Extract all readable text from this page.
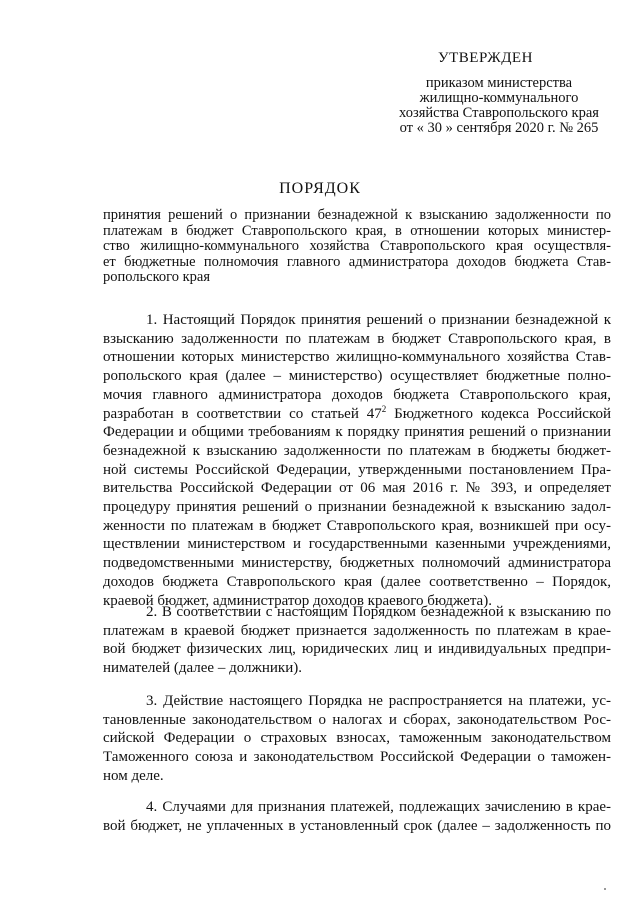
УТВЕРЖДЕН
приказом министерства
жилищно-коммунального
хозяйства Ставропольского края
от « 30 » сентября 2020 г. № 265
ПОРЯДОК
принятия решений о признании безнадежной к взысканию задолженности по
платежам в бюджет Ставропольского края, в отношении которых министер-
ство жилищно-коммунального хозяйства Ставропольского края осуществля-
ет бюджетные полномочия главного администратора доходов бюджета Став-
ропольского края
1. Настоящий Порядок принятия решений о признании безнадежной к
взысканию задолженности по платежам в бюджет Ставропольского края, в
отношении которых министерство жилищно-коммунального хозяйства Став-
ропольского края (далее – министерство) осуществляет бюджетные полно-
мочия главного администратора доходов бюджета Ставропольского края,
разработан в соответствии со статьей $47^2$ Бюджетного кодекса Российской
Федерации и общими требованиям к порядку принятия решений о признании
безнадежной к взысканию задолженности по платежам в бюджеты бюджет-
ной системы Российской Федерации, утвержденными постановлением Пра-
вительства Российской Федерации от 06 мая 2016 г. № 393, и определяет
процедуру принятия решений о признании безнадежной к взысканию задол-
женности по платежам в бюджет Ставропольского края, возникшей при осу-
ществлении министерством и государственными казенными учреждениями,
подведомственными министерству, бюджетных полномочий администратора
доходов бюджета Ставропольского края (далее соответственно – Порядок,
краевой бюджет, администратор доходов краевого бюджета).
2. В соответствии с настоящим Порядком безнадежной к взысканию по
платежам в краевой бюджет признается задолженность по платежам в крае-
вой бюджет физических лиц, юридических лиц и индивидуальных предпри-
нимателей (далее – должники).
3. Действие настоящего Порядка не распространяется на платежи, ус-
тановленные законодательством о налогах и сборах, законодательством Рос-
сийской Федерации о страховых взносах, таможенным законодательством
Таможенного союза и законодательством Российской Федерации о таможен-
ном деле.
4. Случаями для признания платежей, подлежащих зачислению в крае-
вой бюджет, не уплаченных в установленный срок (далее – задолженность по
